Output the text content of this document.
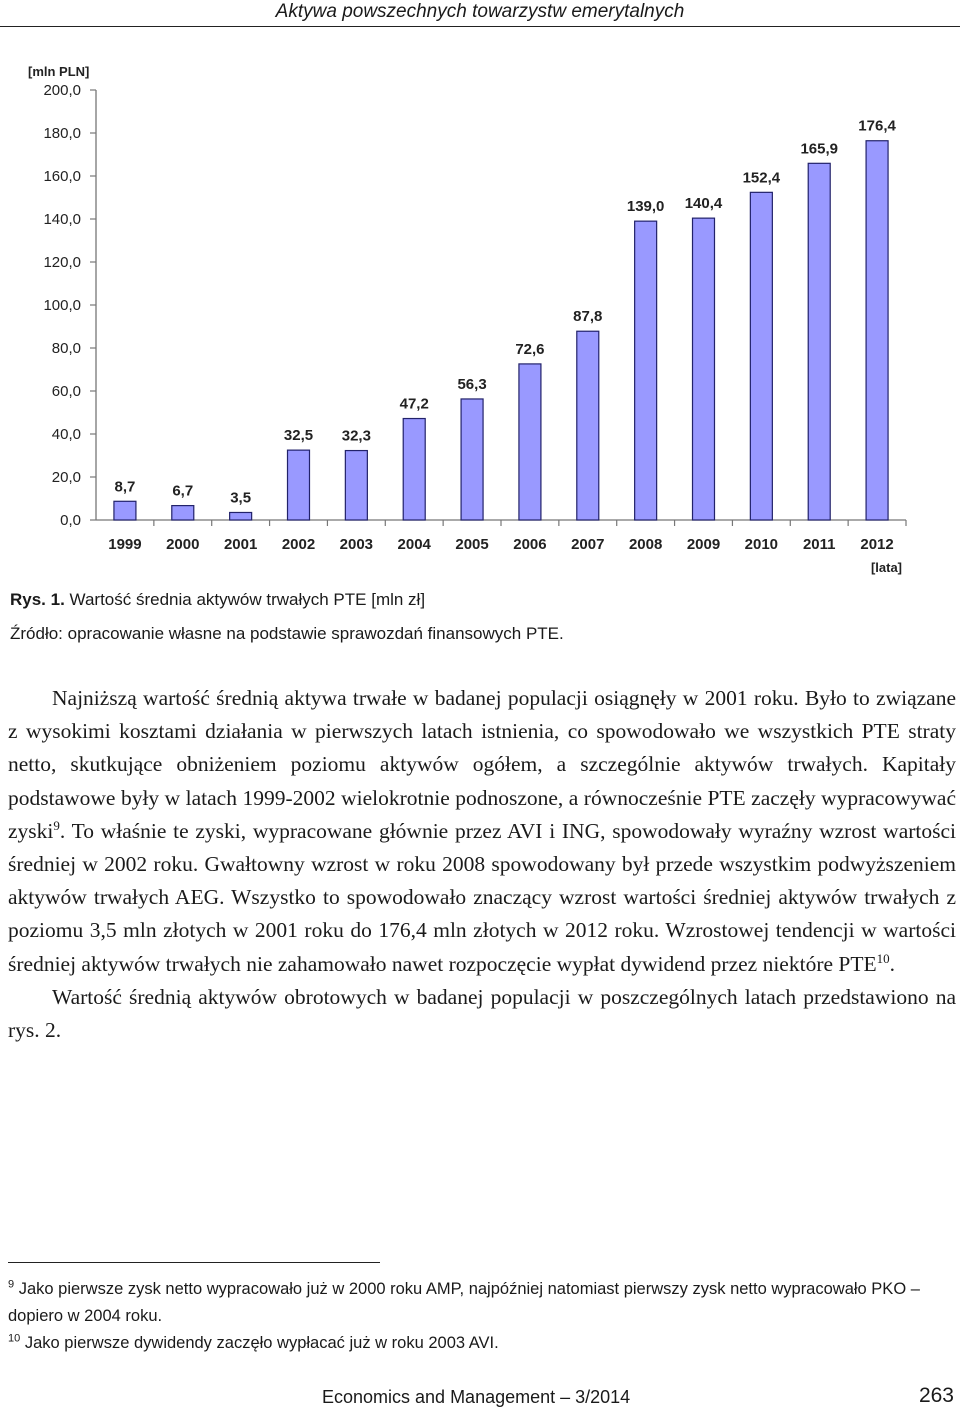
Aktywa powszechnych towarzystw emerytalnych
0,0
20,0
40,0
60,0
80,0
100,0
120,0
140,0
160,0
180,0
200,0
[mln PLN]
8,7
1999
6,7
2000
3,5
2001
32,5
2002
32,3
2003
47,2
2004
56,3
2005
72,6
2006
87,8
2007
139,0
2008
140,4
2009
152,4
2010
165,9
2011
176,4
2012
[lata]
Rys. 1. Wartość średnia aktywów trwałych PTE [mln zł]
Źródło: opracowanie własne na podstawie sprawozdań finansowych PTE.

Najniższą wartość średnią aktywa trwałe w badanej populacji osiągnęły w 2001 roku. Było to związane z wysokimi kosztami działania w pierwszych latach istnienia, co spowodowało we wszystkich PTE straty netto, skutkujące obniżeniem poziomu aktywów ogółem, a szczególnie aktywów trwałych. Kapitały podstawowe były w latach 1999-2002 wielokrotnie podnoszone, a równocześnie PTE zaczęły wypracowywać zyski$^9$. To właśnie te zyski, wypracowane głównie przez AVI i ING, spowodowały wyraźny wzrost wartości średniej w 2002 roku. Gwałtowny wzrost w roku 2008 spowodowany był przede wszystkim podwyższeniem aktywów trwałych AEG. Wszystko to spowodowało znaczący wzrost wartości średniej aktywów trwałych z poziomu 3,5 mln złotych w 2001 roku do 176,4 mln złotych w 2012 roku. Wzrostowej tendencji w wartości średniej aktywów trwałych nie zahamowało nawet rozpoczęcie wypłat dywidend przez niektóre PTE$^{10}$.

Wartość średnią aktywów obrotowych w badanej populacji w poszczególnych latach przedstawiono na rys. 2.

$^9$ Jako pierwsze zysk netto wypracowało już w 2000 roku AMP, najpóźniej natomiast pierwszy zysk netto wypracowało PKO – dopiero w 2004 roku.

$^{10}$ Jako pierwsze dywidendy zaczęło wypłacać już w roku 2003 AVI.

Economics and Management – 3/2014	263
